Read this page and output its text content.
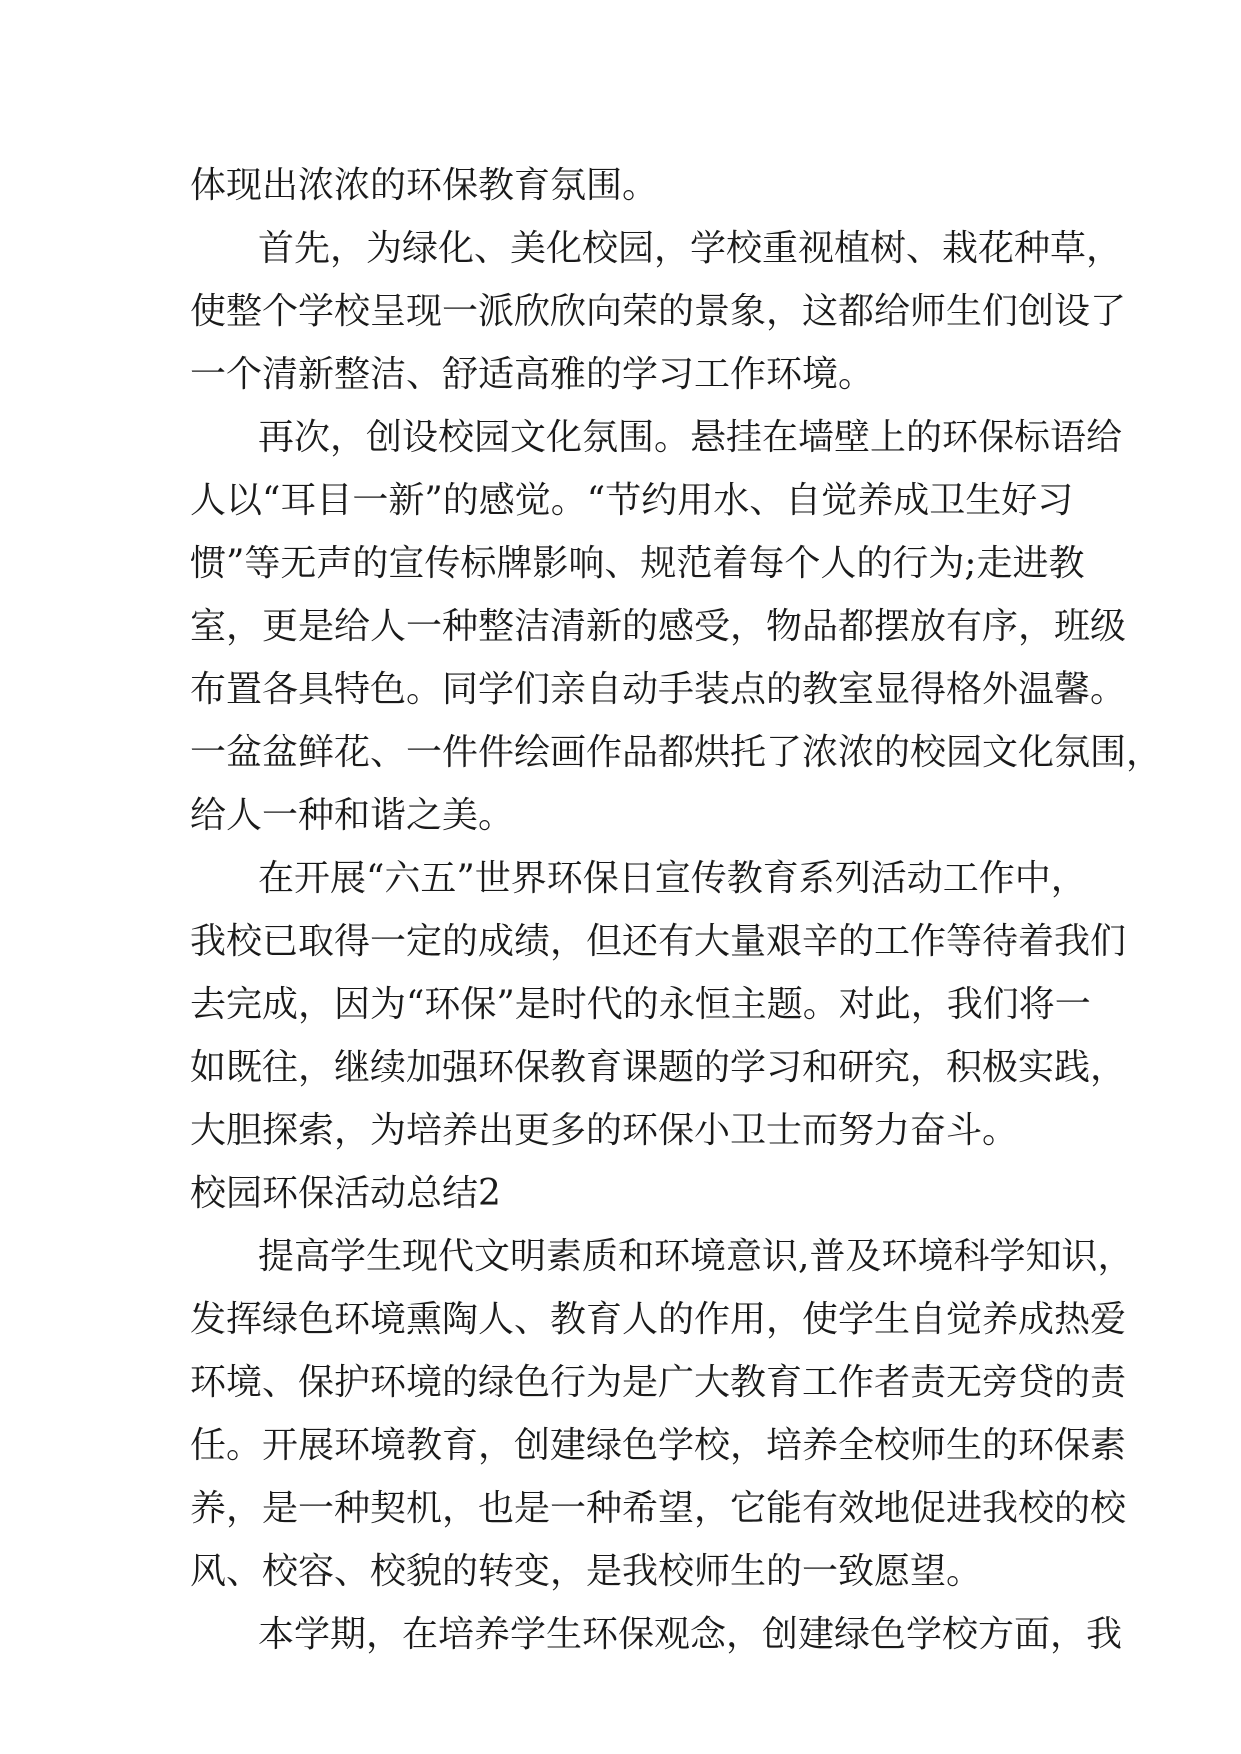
体现出浓浓的环保教育氛围。

首先，为绿化、美化校园，学校重视植树、栽花种草，

使整个学校呈现一派欣欣向荣的景象，这都给师生们创设了

一个清新整洁、舒适高雅的学习工作环境。

再次，创设校园文化氛围。悬挂在墙壁上的环保标语给

人以“耳目一新”的感觉。“节约用水、自觉养成卫生好习

惯”等无声的宣传标牌影响、规范着每个人的行为;走进教

室，更是给人一种整洁清新的感受，物品都摆放有序，班级

布置各具特色。同学们亲自动手装点的教室显得格外温馨。

一盆盆鲜花、一件件绘画作品都烘托了浓浓的校园文化氛围，

给人一种和谐之美。

在开展“六五”世界环保日宣传教育系列活动工作中，

我校已取得一定的成绩，但还有大量艰辛的工作等待着我们

去完成，因为“环保”是时代的永恒主题。对此，我们将一

如既往，继续加强环保教育课题的学习和研究，积极实践，

大胆探索，为培养出更多的环保小卫士而努力奋斗。

校园环保活动总结2

提高学生现代文明素质和环境意识,普及环境科学知识，

发挥绿色环境熏陶人、教育人的作用，使学生自觉养成热爱

环境、保护环境的绿色行为是广大教育工作者责无旁贷的责

任。开展环境教育，创建绿色学校，培养全校师生的环保素

养，是一种契机，也是一种希望，它能有效地促进我校的校

风、校容、校貌的转变，是我校师生的一致愿望。

本学期，在培养学生环保观念，创建绿色学校方面，我
